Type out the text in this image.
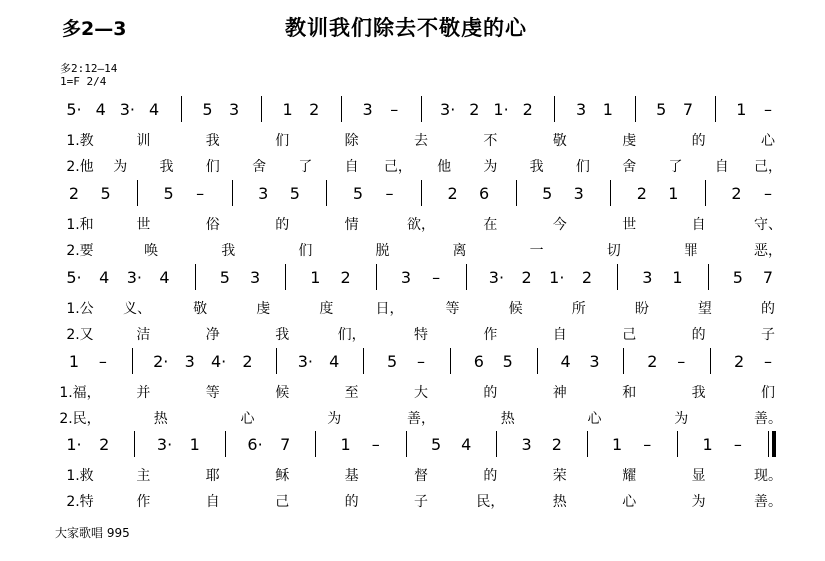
多2—3	教训我们除去不敬虔的心
多2:12—14
1=F 2/4
5· 4 3· 4	5 3	1 2	3 –	3· 2 1· 2	3 1	5 7	1 –
1.教	训	我	们	除	去	不	敬	虔	的	心
2.他 为 我 们 舍 了 自 己， 他 为 我 们 舍 了 自 己，
2 5	5 –	3 5	5 –	2 6	5 3	2 1	2 –
1.和	世	俗	的	情	欲，	在	今	世	自	守、
2.要	唤	我	们	脱	离	一	切	罪	恶，
5· 4 3· 4	5 3	1 2	3 –	3· 2 1· 2	3 1	5 7
1.公 义、	敬	虔	度	日，	等	候	所	盼	望	的
2.又	洁	净	我	们，	特	作	自	己	的	子
1 –	2· 3 4· 2	3· 4	5 –	6 5	4 3	2 –	2 –
1.福，	并	等	候	至	大	的	神	和	我	们
2.民，	热	心	为	善，	热	心	为	善。
1· 2	3· 1	6· 7	1 –	5 4	3 2	1 –	1 –
1.救	主	耶	稣	基	督	的	荣	耀	显	现。
2.特	作	自	己	的	子	民，	热	心	为	善。
大家歌唱 995
